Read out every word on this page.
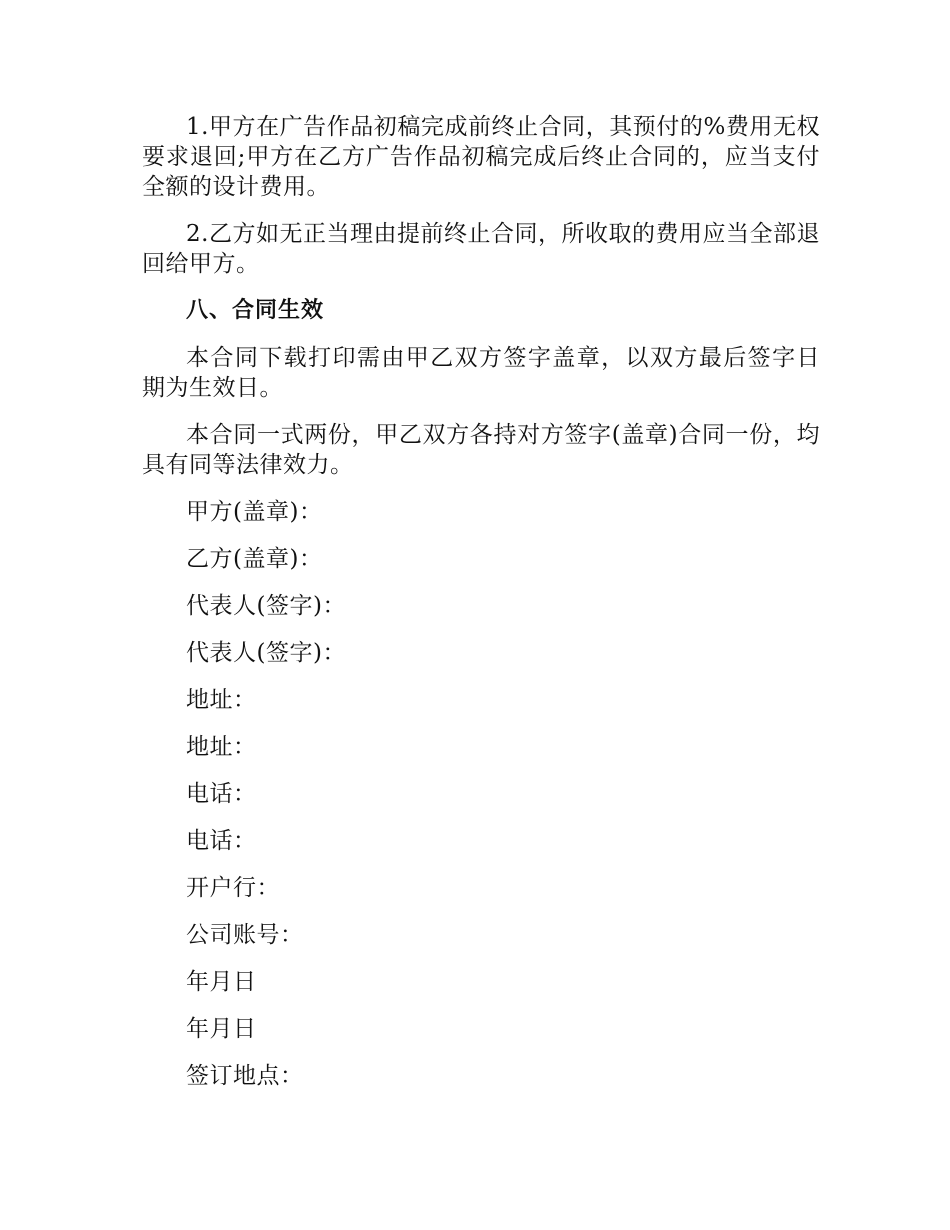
1.甲方在广告作品初稿完成前终止合同，其预付的%费用无权要求退回;甲方在乙方广告作品初稿完成后终止合同的，应当支付全额的设计费用。

2.乙方如无正当理由提前终止合同，所收取的费用应当全部退回给甲方。

八、合同生效

本合同下载打印需由甲乙双方签字盖章，以双方最后签字日期为生效日。

本合同一式两份，甲乙双方各持对方签字(盖章)合同一份，均具有同等法律效力。

甲方(盖章)：

乙方(盖章)：

代表人(签字)：

代表人(签字)：

地址：

地址：

电话：

电话：

开户行：

公司账号：

年月日

年月日

签订地点：
